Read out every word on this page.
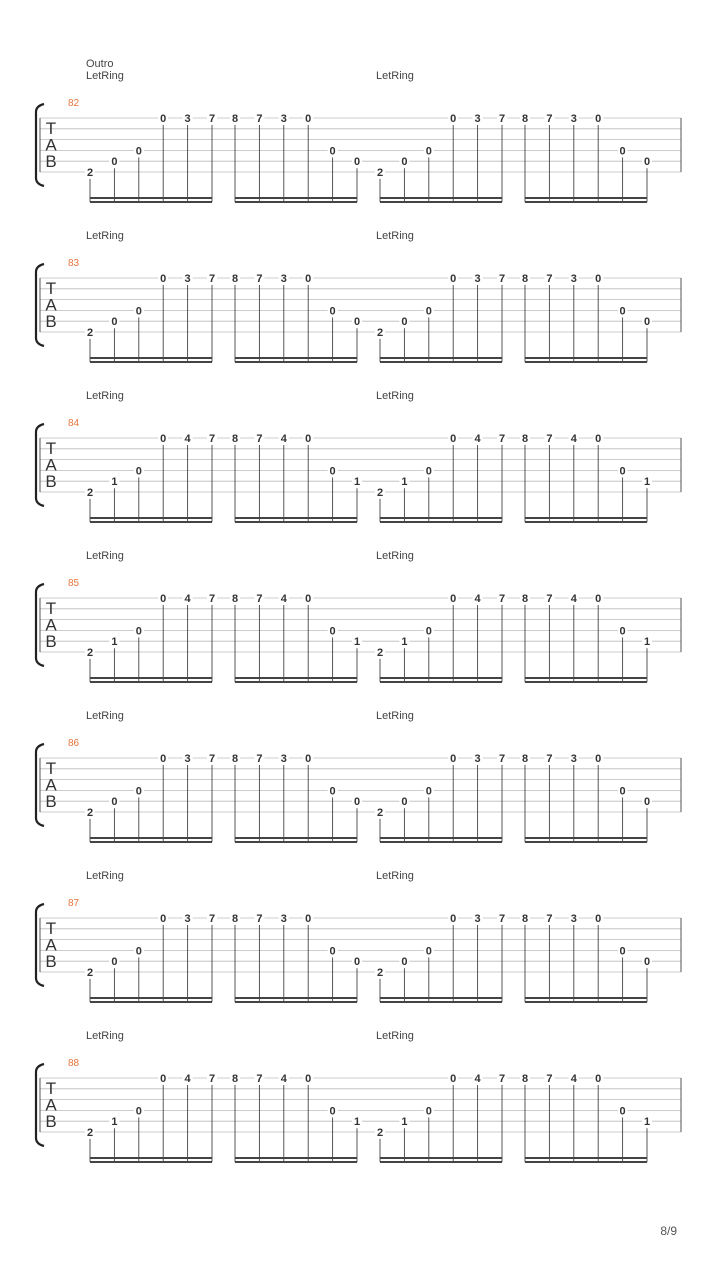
Outro
LetRing	LetRing
82
T
A
B
2
0
0
0 3 7 8 7 3 0
0
0
2
0
0
0 3 7 8 7 3 0
0
0
LetRing	LetRing
83
T
A
B
2
0
0
0 3 7 8 7 3 0
0
0
2
0
0
0 3 7 8 7 3 0
0
0
LetRing	LetRing
84
T
A
B
2
1
0
0 4 7 8 7 4 0
0
1
2
1
0
0 4 7 8 7 4 0
0
1
LetRing	LetRing
85
T
A
B
2
1
0
0 4 7 8 7 4 0
0
1
2
1
0
0 4 7 8 7 4 0
0
1
LetRing	LetRing
86
T
A
B
2
0
0
0 3 7 8 7 3 0
0
0
2
0
0
0 3 7 8 7 3 0
0
0
LetRing	LetRing
87
T
A
B
2
0
0
0 3 7 8 7 3 0
0
0
2
0
0
0 3 7 8 7 3 0
0
0
LetRing	LetRing
88
T
A
B
2
1
0
0 4 7 8 7 4 0
0
1
2
1
0
0 4 7 8 7 4 0
0
1
8/9
